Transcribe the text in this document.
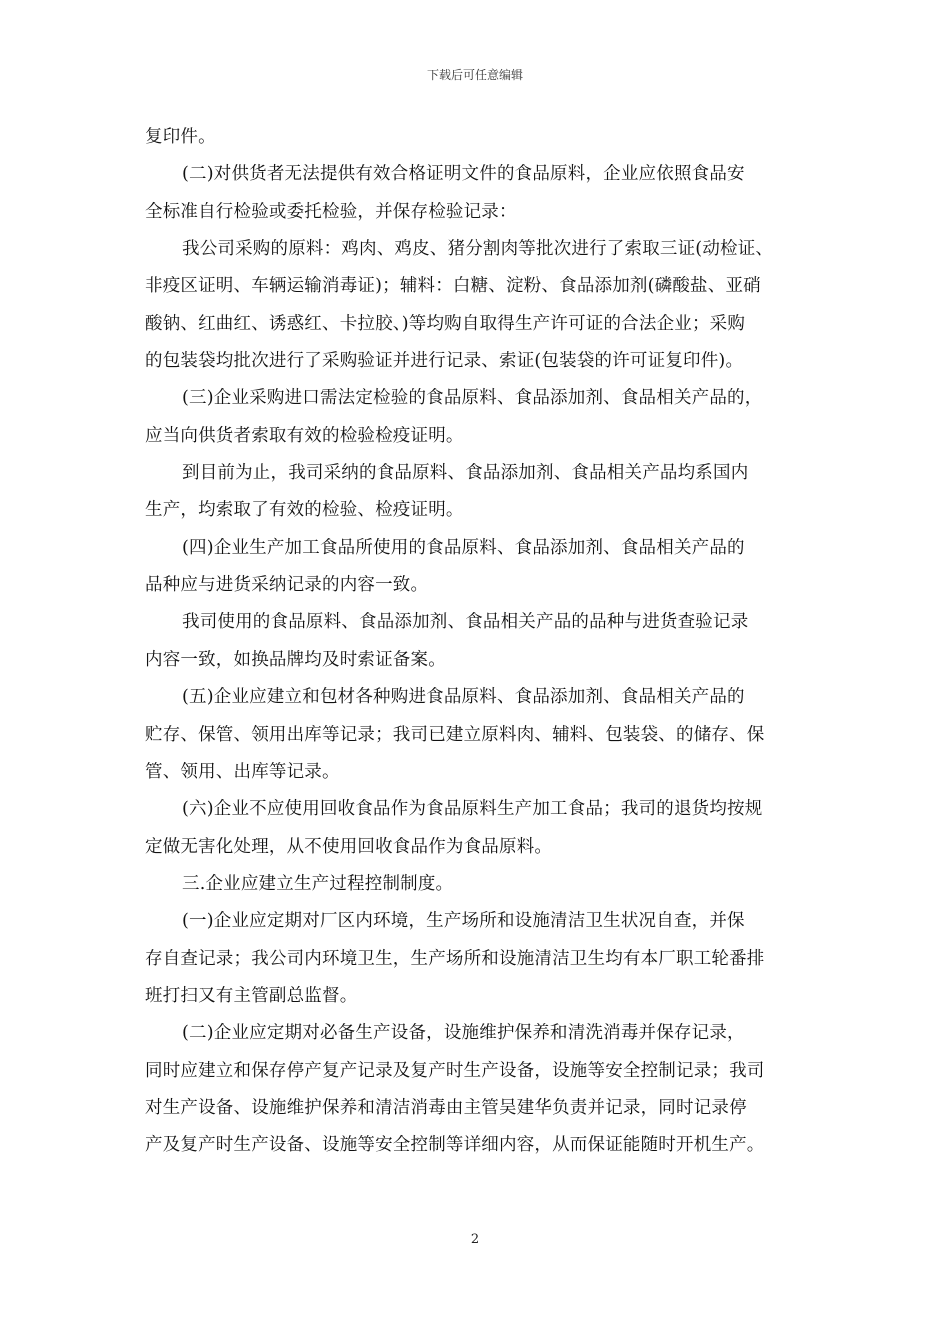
下载后可任意编辑
复印件。
(二)对供货者无法提供有效合格证明文件的食品原料，企业应依照食品安
全标准自行检验或委托检验，并保存检验记录：
我公司采购的原料：鸡肉、鸡皮、猪分割肉等批次进行了索取三证(动检证、
非疫区证明、车辆运输消毒证)；辅料：白糖、淀粉、食品添加剂(磷酸盐、亚硝
酸钠、红曲红、诱惑红、卡拉胶、)等均购自取得生产许可证的合法企业；采购
的包装袋均批次进行了采购验证并进行记录、索证(包装袋的许可证复印件)。
(三)企业采购进口需法定检验的食品原料、食品添加剂、食品相关产品的，
应当向供货者索取有效的检验检疫证明。
到目前为止，我司采纳的食品原料、食品添加剂、食品相关产品均系国内
生产，均索取了有效的检验、检疫证明。
(四)企业生产加工食品所使用的食品原料、食品添加剂、食品相关产品的
品种应与进货采纳记录的内容一致。
我司使用的食品原料、食品添加剂、食品相关产品的品种与进货查验记录
内容一致，如换品牌均及时索证备案。
(五)企业应建立和包材各种购进食品原料、食品添加剂、食品相关产品的
贮存、保管、领用出库等记录；我司已建立原料肉、辅料、包装袋、的储存、保
管、领用、出库等记录。
(六)企业不应使用回收食品作为食品原料生产加工食品；我司的退货均按规
定做无害化处理，从不使用回收食品作为食品原料。
三.企业应建立生产过程控制制度。
(一)企业应定期对厂区内环境，生产场所和设施清洁卫生状况自查，并保
存自查记录；我公司内环境卫生，生产场所和设施清洁卫生均有本厂职工轮番排
班打扫又有主管副总监督。
(二)企业应定期对必备生产设备，设施维护保养和清洗消毒并保存记录，
同时应建立和保存停产复产记录及复产时生产设备，设施等安全控制记录；我司
对生产设备、设施维护保养和清洁消毒由主管吴建华负责并记录，同时记录停
产及复产时生产设备、设施等安全控制等详细内容，从而保证能随时开机生产。
2
